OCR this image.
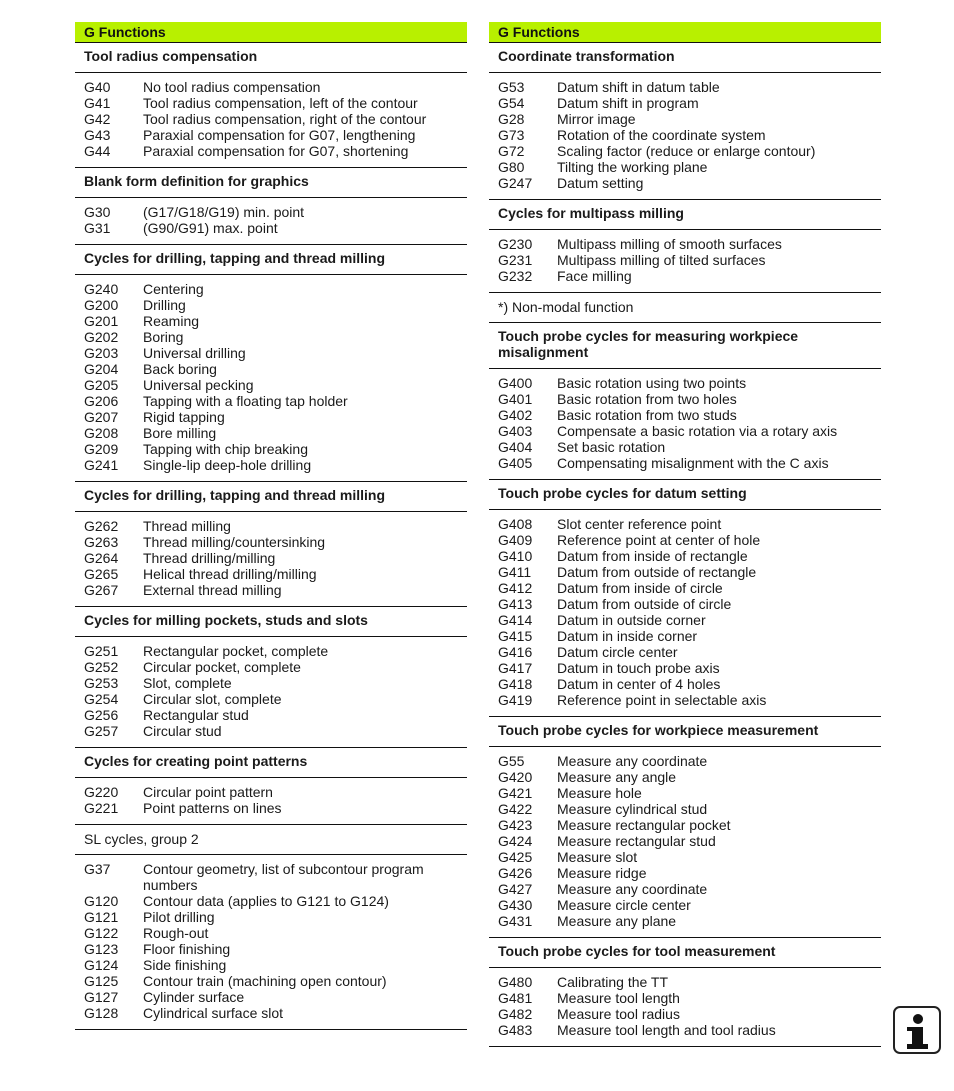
G Functions
Tool radius compensation
G40	No tool radius compensation
G41	Tool radius compensation, left of the contour
G42	Tool radius compensation, right of the contour
G43	Paraxial compensation for G07, lengthening
G44	Paraxial compensation for G07, shortening
Blank form definition for graphics
G30	(G17/G18/G19) min. point
G31	(G90/G91) max. point
Cycles for drilling, tapping and thread milling
G240	Centering
G200	Drilling
G201	Reaming
G202	Boring
G203	Universal drilling
G204	Back boring
G205	Universal pecking
G206	Tapping with a floating tap holder
G207	Rigid tapping
G208	Bore milling
G209	Tapping with chip breaking
G241	Single-lip deep-hole drilling
Cycles for drilling, tapping and thread milling
G262	Thread milling
G263	Thread milling/countersinking
G264	Thread drilling/milling
G265	Helical thread drilling/milling
G267	External thread milling
Cycles for milling pockets, studs and slots
G251	Rectangular pocket, complete
G252	Circular pocket, complete
G253	Slot, complete
G254	Circular slot, complete
G256	Rectangular stud
G257	Circular stud
Cycles for creating point patterns
G220	Circular point pattern
G221	Point patterns on lines
SL cycles, group 2
G37	Contour geometry, list of subcontour program numbers
G120	Contour data (applies to G121 to G124)
G121	Pilot drilling
G122	Rough-out
G123	Floor finishing
G124	Side finishing
G125	Contour train (machining open contour)
G127	Cylinder surface
G128	Cylindrical surface slot
G Functions
Coordinate transformation
G53	Datum shift in datum table
G54	Datum shift in program
G28	Mirror image
G73	Rotation of the coordinate system
G72	Scaling factor (reduce or enlarge contour)
G80	Tilting the working plane
G247	Datum setting
Cycles for multipass milling
G230	Multipass milling of smooth surfaces
G231	Multipass milling of tilted surfaces
G232	Face milling
*) Non-modal function
Touch probe cycles for measuring workpiece misalignment
G400	Basic rotation using two points
G401	Basic rotation from two holes
G402	Basic rotation from two studs
G403	Compensate a basic rotation via a rotary axis
G404	Set basic rotation
G405	Compensating misalignment with the C axis
Touch probe cycles for datum setting
G408	Slot center reference point
G409	Reference point at center of hole
G410	Datum from inside of rectangle
G411	Datum from outside of rectangle
G412	Datum from inside of circle
G413	Datum from outside of circle
G414	Datum in outside corner
G415	Datum in inside corner
G416	Datum circle center
G417	Datum in touch probe axis
G418	Datum in center of 4 holes
G419	Reference point in selectable axis
Touch probe cycles for workpiece measurement
G55	Measure any coordinate
G420	Measure any angle
G421	Measure hole
G422	Measure cylindrical stud
G423	Measure rectangular pocket
G424	Measure rectangular stud
G425	Measure slot
G426	Measure ridge
G427	Measure any coordinate
G430	Measure circle center
G431	Measure any plane
Touch probe cycles for tool measurement
G480	Calibrating the TT
G481	Measure tool length
G482	Measure tool radius
G483	Measure tool length and tool radius
